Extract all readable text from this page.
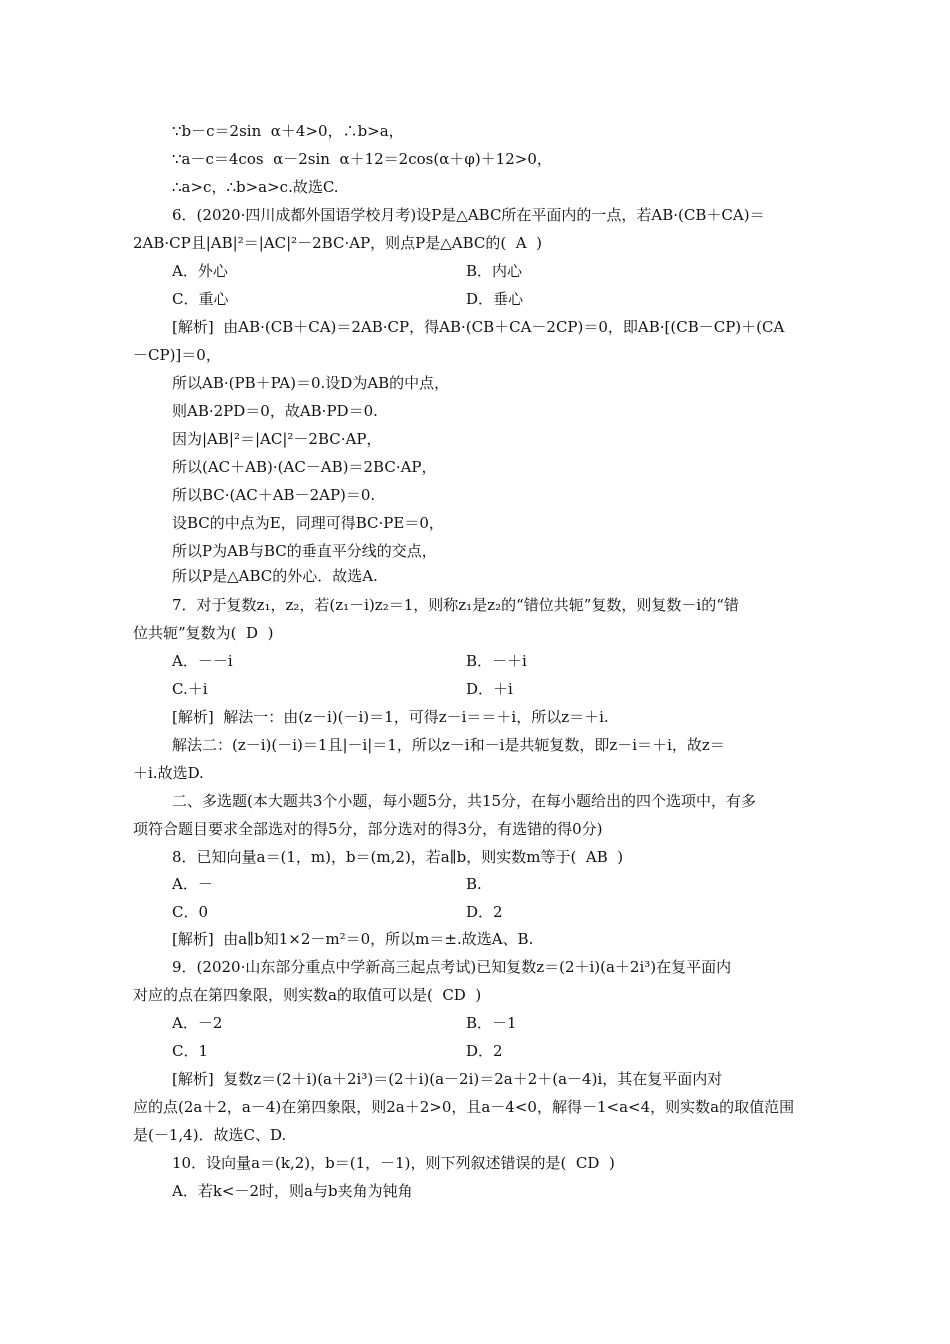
∵b－c＝2sin  α＋4>0，∴b>a，
∵a－c＝4cos  α－2sin  α＋12＝2cos(α＋φ)＋12>0，
∴a>c，∴b>a>c.故选C.
6．(2020·四川成都外国语学校月考)设P是△ABC所在平面内的一点，若AB·(CB＋CA)＝
2AB·CP且|AB|²＝|AC|²－2BC·AP，则点P是△ABC的(  A  )
A．外心	B．内心
C．重心	D．垂心
[解析]  由AB·(CB＋CA)＝2AB·CP，得AB·(CB＋CA－2CP)＝0，即AB·[(CB－CP)＋(CA
－CP)]＝0，
所以AB·(PB＋PA)＝0.设D为AB的中点，
则AB·2PD＝0，故AB·PD＝0.
因为|AB|²＝|AC|²－2BC·AP，
所以(AC＋AB)·(AC－AB)＝2BC·AP，
所以BC·(AC＋AB－2AP)＝0.
设BC的中点为E，同理可得BC·PE＝0，
所以P为AB与BC的垂直平分线的交点，
所以P是△ABC的外心．故选A.
7．对于复数z₁，z₂，若(z₁－i)z₂＝1，则称z₁是z₂的“错位共轭”复数，则复数－i的“错
位共轭”复数为(  D  )
A．－－i	B．－＋i
C.＋i	D．＋i
[解析]  解法一：由(z－i)(－i)＝1，可得z－i＝＝＋i，所以z＝＋i.
解法二：(z－i)(－i)＝1且|－i|＝1，所以z－i和－i是共轭复数，即z－i＝＋i，故z＝
＋i.故选D.
二、多选题(本大题共3个小题，每小题5分，共15分，在每小题给出的四个选项中，有多
项符合题目要求全部选对的得5分，部分选对的得3分，有选错的得0分)
8．已知向量a＝(1，m)，b＝(m,2)，若a∥b，则实数m等于(  AB  )
A．－	B.
C．0	D．2
[解析]  由a∥b知1×2－m²＝0，所以m＝±.故选A、B.
9．(2020·山东部分重点中学新高三起点考试)已知复数z＝(2＋i)(a＋2i³)在复平面内
对应的点在第四象限，则实数a的取值可以是(  CD  )
A．－2	B．－1
C．1	D．2
[解析]  复数z＝(2＋i)(a＋2i³)＝(2＋i)(a－2i)＝2a＋2＋(a－4)i，其在复平面内对
应的点(2a＋2，a－4)在第四象限，则2a＋2>0，且a－4<0，解得－1<a<4，则实数a的取值范围
是(－1,4)．故选C、D.
10．设向量a＝(k,2)，b＝(1，－1)，则下列叙述错误的是(  CD  )
A．若k<－2时，则a与b夹角为钝角
